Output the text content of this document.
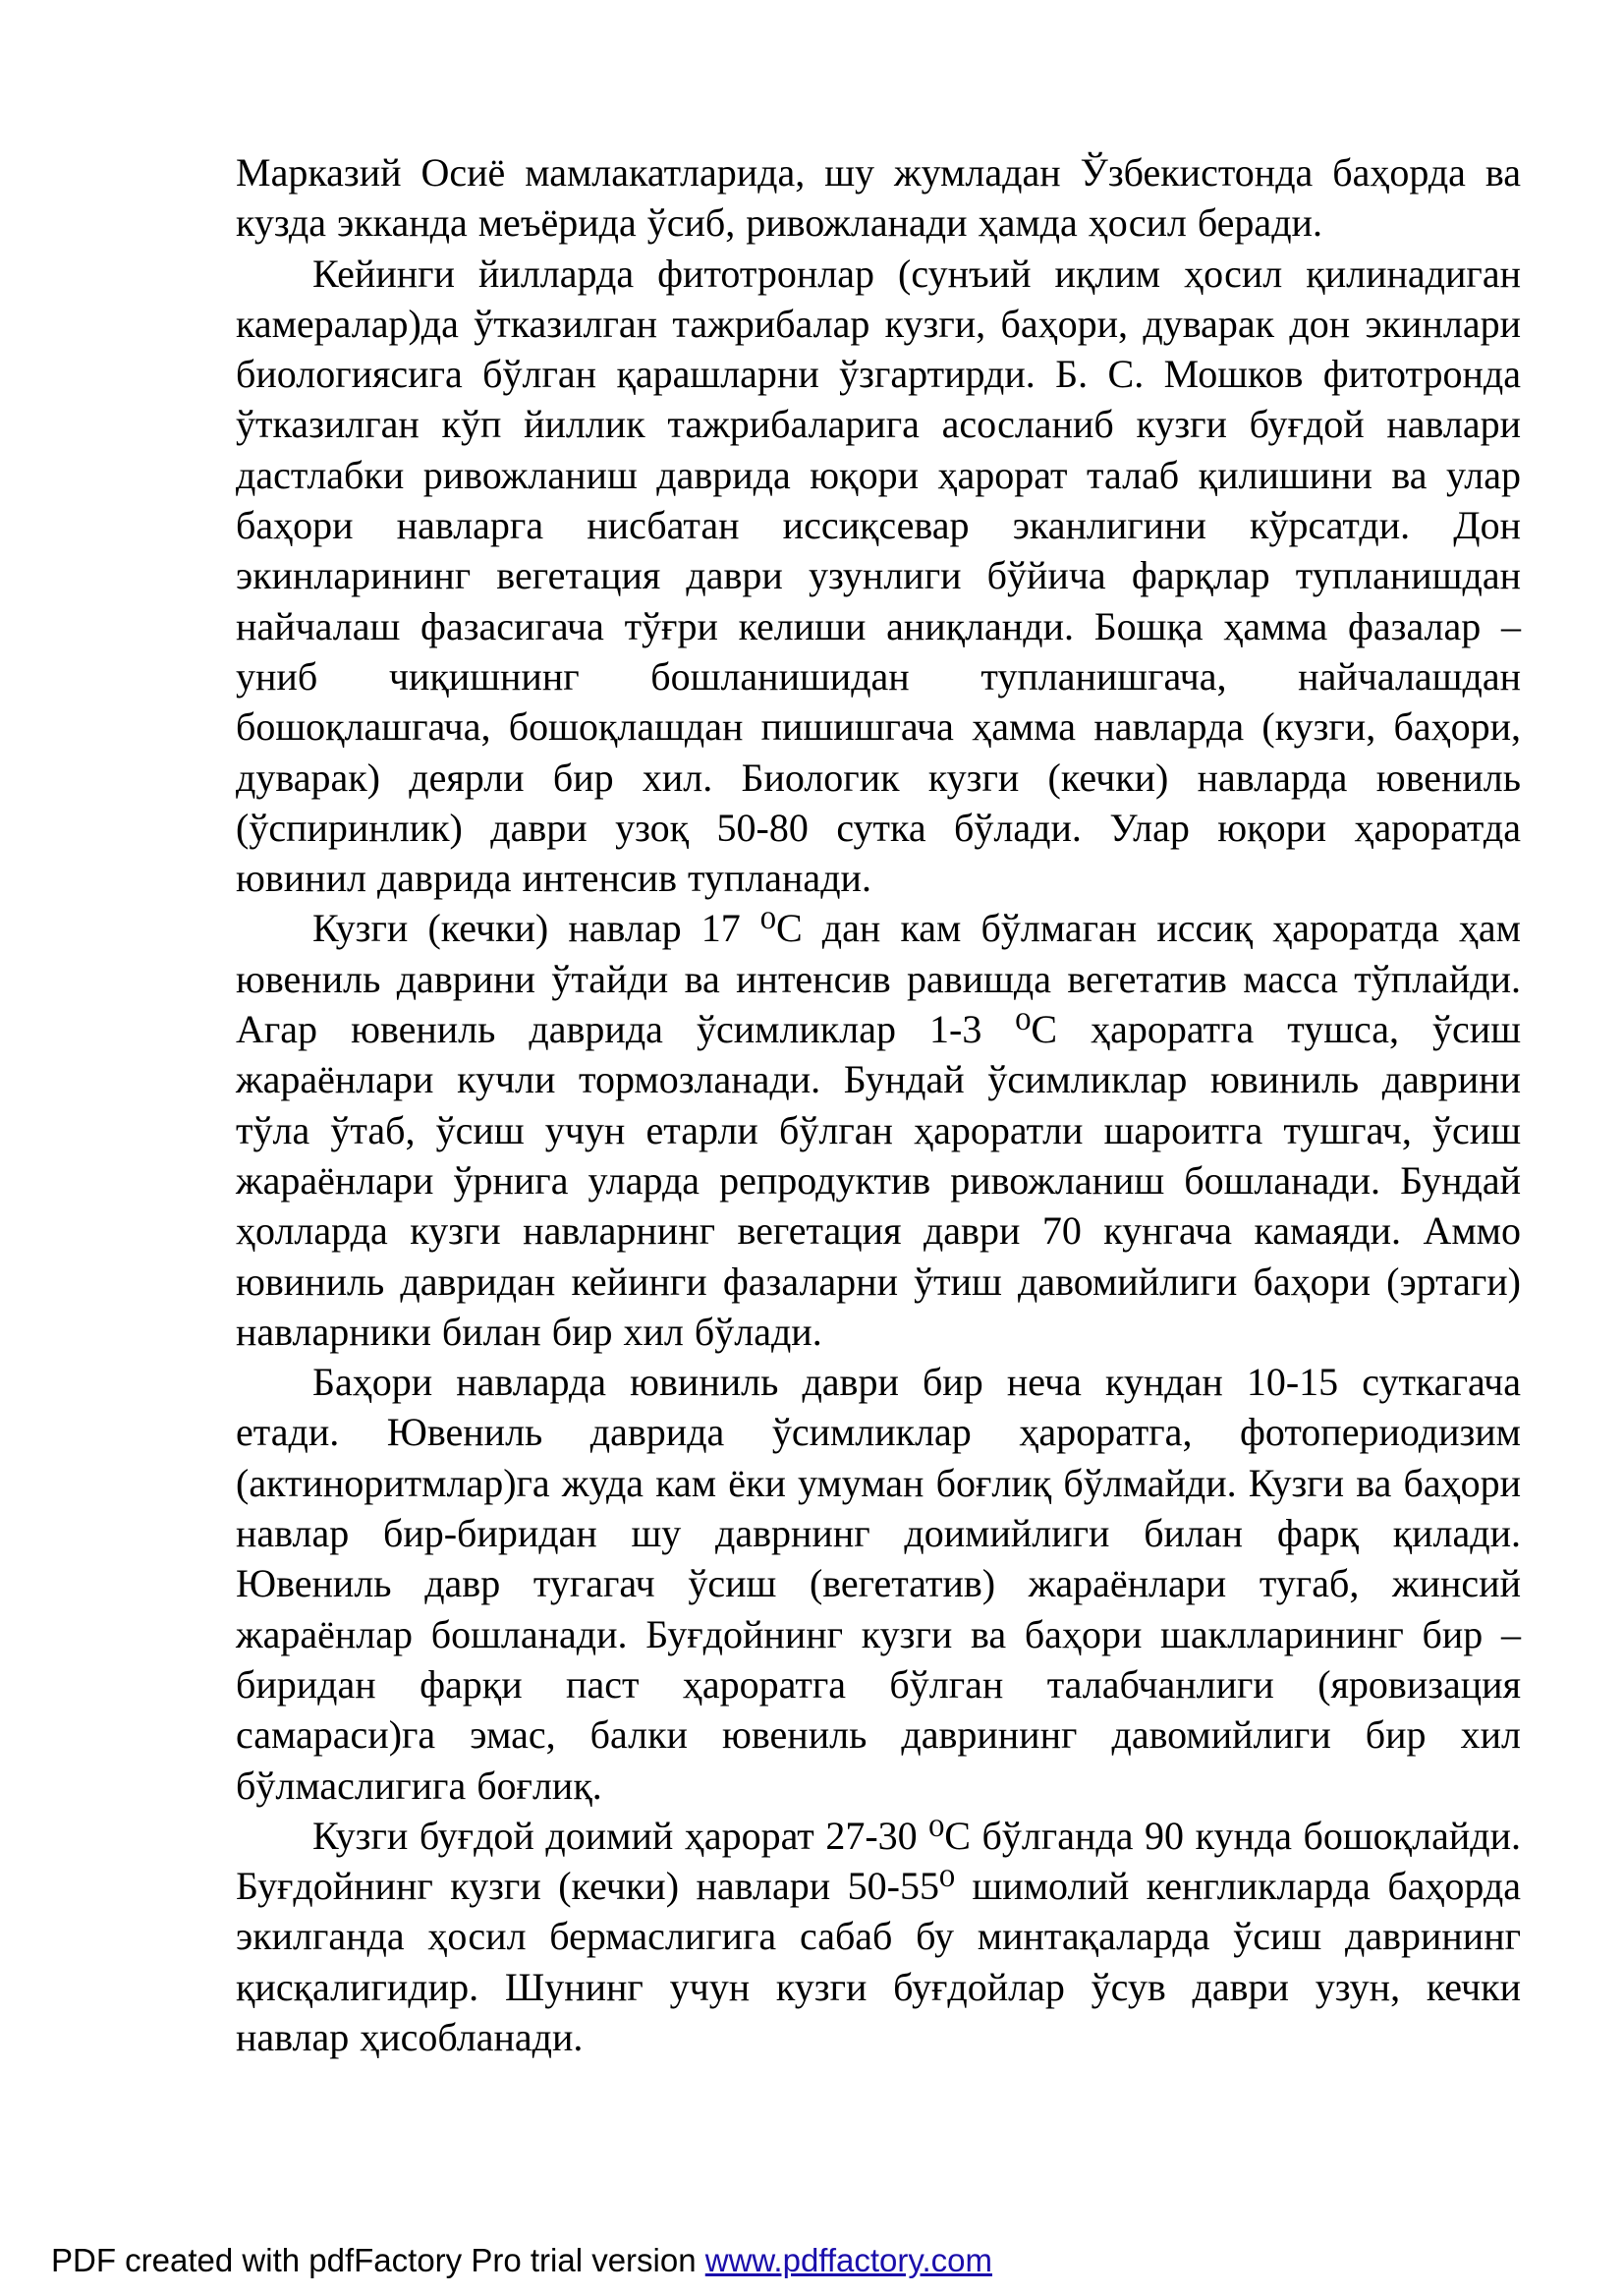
Марказий Осиё мамлакатларида, шу жумладан Ўзбекистонда баҳорда ва кузда экканда меъёрида ўсиб, ривожланади ҳамда ҳосил беради.

Кейинги йилларда фитотронлар (сунъий иқлим ҳосил қилинадиган камералар)да ўтказилган тажрибалар кузги, баҳори, дуварак дон экинлари биологиясига бўлган қарашларни ўзгартирди. Б. С. Мошков фитотронда ўтказилган кўп йиллик тажрибаларига асосланиб кузги буғдой навлари дастлабки ривожланиш даврида юқори ҳарорат талаб қилишини ва улар баҳори навларга нисбатан иссиқсевар эканлигини кўрсатди. Дон экинларининг вегетация даври узунлиги бўйича фарқлар тупланишдан найчалаш фазасигача тўғри келиши аниқланди. Бошқа ҳамма фазалар – униб чиқишнинг бошланишидан тупланишгача, найчалашдан бошоқлашгача, бошоқлашдан пишишгача ҳамма навларда (кузги, баҳори, дуварак) деярли бир хил. Биологик кузги (кечки) навларда ювениль (ўспиринлик) даври узоқ 50-80 сутка бўлади. Улар юқори ҳароратда ювинил даврида интенсив тупланади.

Кузги (кечки) навлар 17 ⁰С дан кам бўлмаган иссиқ ҳароратда ҳам ювениль даврини ўтайди ва интенсив равишда вегетатив масса тўплайди. Агар ювениль даврида ўсимликлар 1-3 ⁰С ҳароратга тушса, ўсиш жараёнлари кучли тормозланади. Бундай ўсимликлар ювиниль даврини тўла ўтаб, ўсиш учун етарли бўлган ҳароратли шароитга тушгач, ўсиш жараёнлари ўрнига уларда репродуктив ривожланиш бошланади. Бундай ҳолларда кузги навларнинг вегетация даври 70 кунгача камаяди. Аммо ювиниль давридан кейинги фазаларни ўтиш давомийлиги баҳори (эртаги) навларники билан бир хил бўлади.

Баҳори навларда ювиниль даври бир неча кундан 10-15 суткагача етади. Ювениль даврида ўсимликлар ҳароратга, фотопериодизим (актиноритмлар)га жуда кам ёки умуман боғлиқ бўлмайди. Кузги ва баҳори навлар бир-биридан шу даврнинг доимийлиги билан фарқ қилади. Ювениль давр тугагач ўсиш (вегетатив) жараёнлари тугаб, жинсий жараёнлар бошланади. Буғдойнинг кузги ва баҳори шаклларининг бир – биридан фарқи паст ҳароратга бўлган талабчанлиги (яровизация самараси)га эмас, балки ювениль даврининг давомийлиги бир хил бўлмаслигига боғлиқ.

Кузги буғдой доимий ҳарорат 27-30 ⁰С бўлганда 90 кунда бошоқлайди. Буғдойнинг кузги (кечки) навлари 50-55⁰ шимолий кенгликларда баҳорда экилганда ҳосил бермаслигига сабаб бу минтақаларда ўсиш даврининг қисқалигидир. Шунинг учун кузги буғдойлар ўсув даври узун, кечки навлар ҳисобланади.

PDF created with pdfFactory Pro trial version www.pdffactory.com
